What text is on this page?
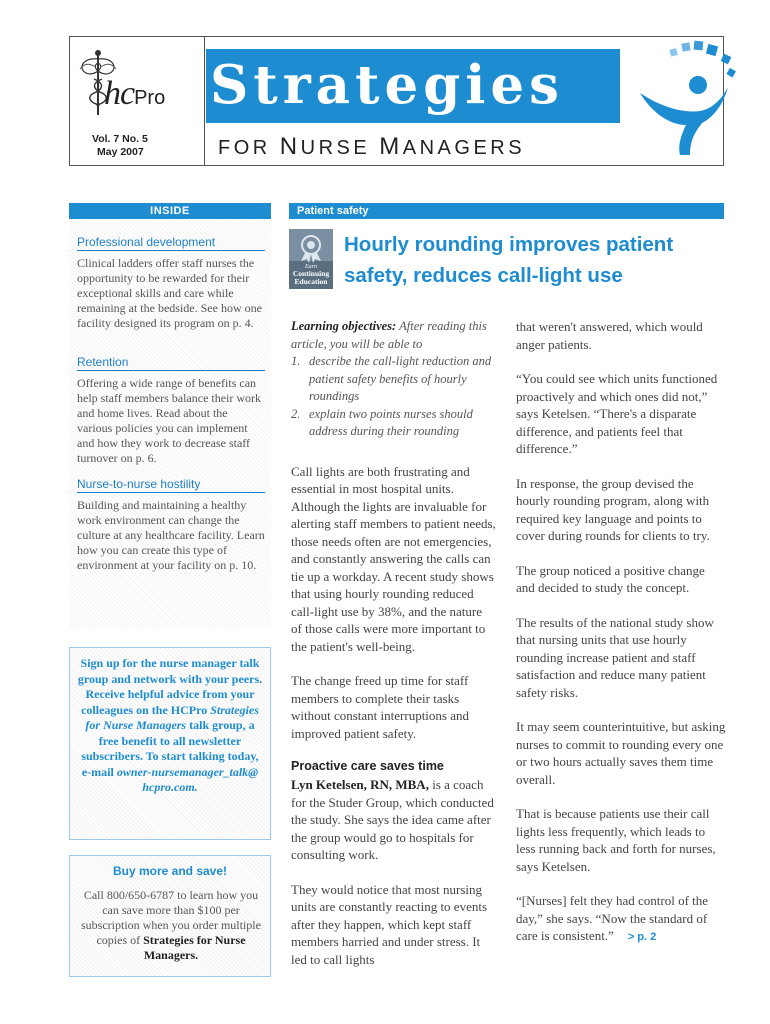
hcPro
Vol. 7 No. 5
May 2007
Strategies
FOR NURSE MANAGERS
INSIDE
Professional development

Clinical ladders offer staff nurses the opportunity to be rewarded for their exceptional skills and care while remaining at the bedside. See how one facility designed its program on p. 4.

Retention

Offering a wide range of benefits can help staff members balance their work and home lives. Read about the various policies you can implement and how they work to decrease staff turnover on p. 6.

Nurse-to-nurse hostility

Building and maintaining a healthy work environment can change the culture at any healthcare facility. Learn how you can create this type of environment at your facility on p. 10.

Sign up for the nurse manager talk group and network with your peers. Receive helpful advice from your colleagues on the HCPro Strategies for Nurse Managers talk group, a free benefit to all newsletter subscribers. To start talking today, e-mail owner-nursemanager_talk@ hcpro.com.
Buy more and save!
Call 800/650-6787 to learn how you can save more than $100 per subscription when you order multiple copies of Strategies for Nurse Managers.
Patient safety
Earn
Continuing
Education
Hourly rounding improves patient safety, reduces call-light use
Learning objectives: After reading this article, you will be able to
1. describe the call-light reduction and patient safety benefits of hourly roundings
2. explain two points nurses should address during their rounding

Call lights are both frustrating and essential in most hospital units. Although the lights are invaluable for alerting staff members to patient needs, those needs often are not emergencies, and constantly answering the calls can tie up a workday. A recent study shows that using hourly rounding reduced call-light use by 38%, and the nature of those calls were more important to the patient's well-being.

The change freed up time for staff members to complete their tasks without constant interruptions and improved patient safety.

Proactive care saves time

Lyn Ketelsen, RN, MBA, is a coach for the Studer Group, which conducted the study. She says the idea came after the group would go to hospitals for consulting work.

They would notice that most nursing units are constantly reacting to events after they happen, which kept staff members harried and under stress. It led to call lights

that weren't answered, which would anger patients.

“You could see which units functioned proactively and which ones did not,” says Ketelsen. “There's a disparate difference, and patients feel that difference.”

In response, the group devised the hourly rounding program, along with required key language and points to cover during rounds for clients to try.

The group noticed a positive change and decided to study the concept.

The results of the national study show that nursing units that use hourly rounding increase patient and staff satisfaction and reduce many patient safety risks.

It may seem counterintuitive, but asking nurses to commit to rounding every one or two hours actually saves them time overall.

That is because patients use their call lights less frequently, which leads to less running back and forth for nurses, says Ketelsen.

“[Nurses] felt they had control of the day,” she says. “Now the standard of care is consistent.” > p. 2
